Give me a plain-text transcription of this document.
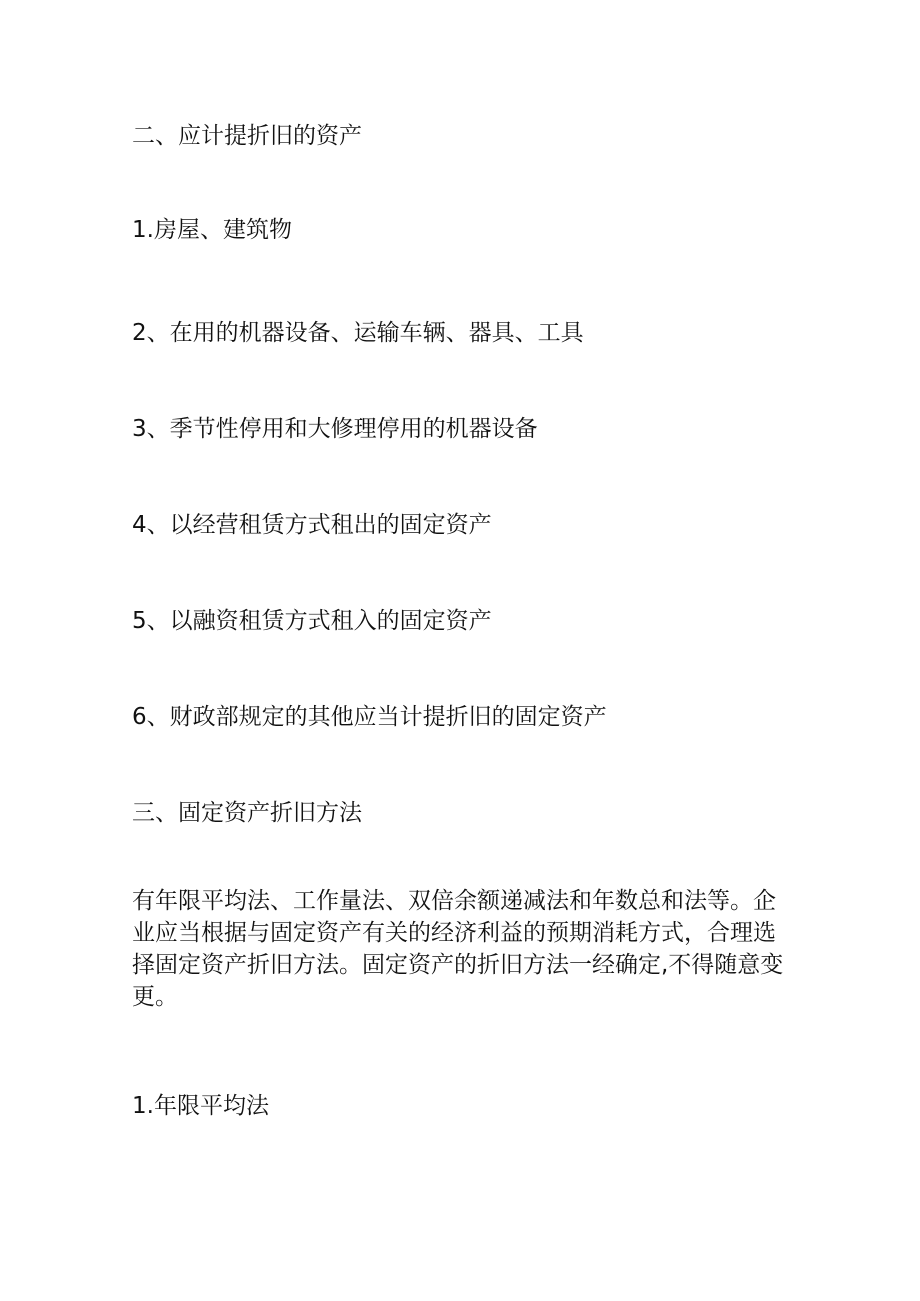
二、应计提折旧的资产
1.房屋、建筑物
2、在用的机器设备、运输车辆、器具、工具
3、季节性停用和大修理停用的机器设备
4、以经营租赁方式租出的固定资产
5、以融资租赁方式租入的固定资产
6、财政部规定的其他应当计提折旧的固定资产
三、固定资产折旧方法
有年限平均法、工作量法、双倍余额递减法和年数总和法等。企
业应当根据与固定资产有关的经济利益的预期消耗方式，合理选
择固定资产折旧方法。固定资产的折旧方法一经确定,不得随意变
更。
1.年限平均法
